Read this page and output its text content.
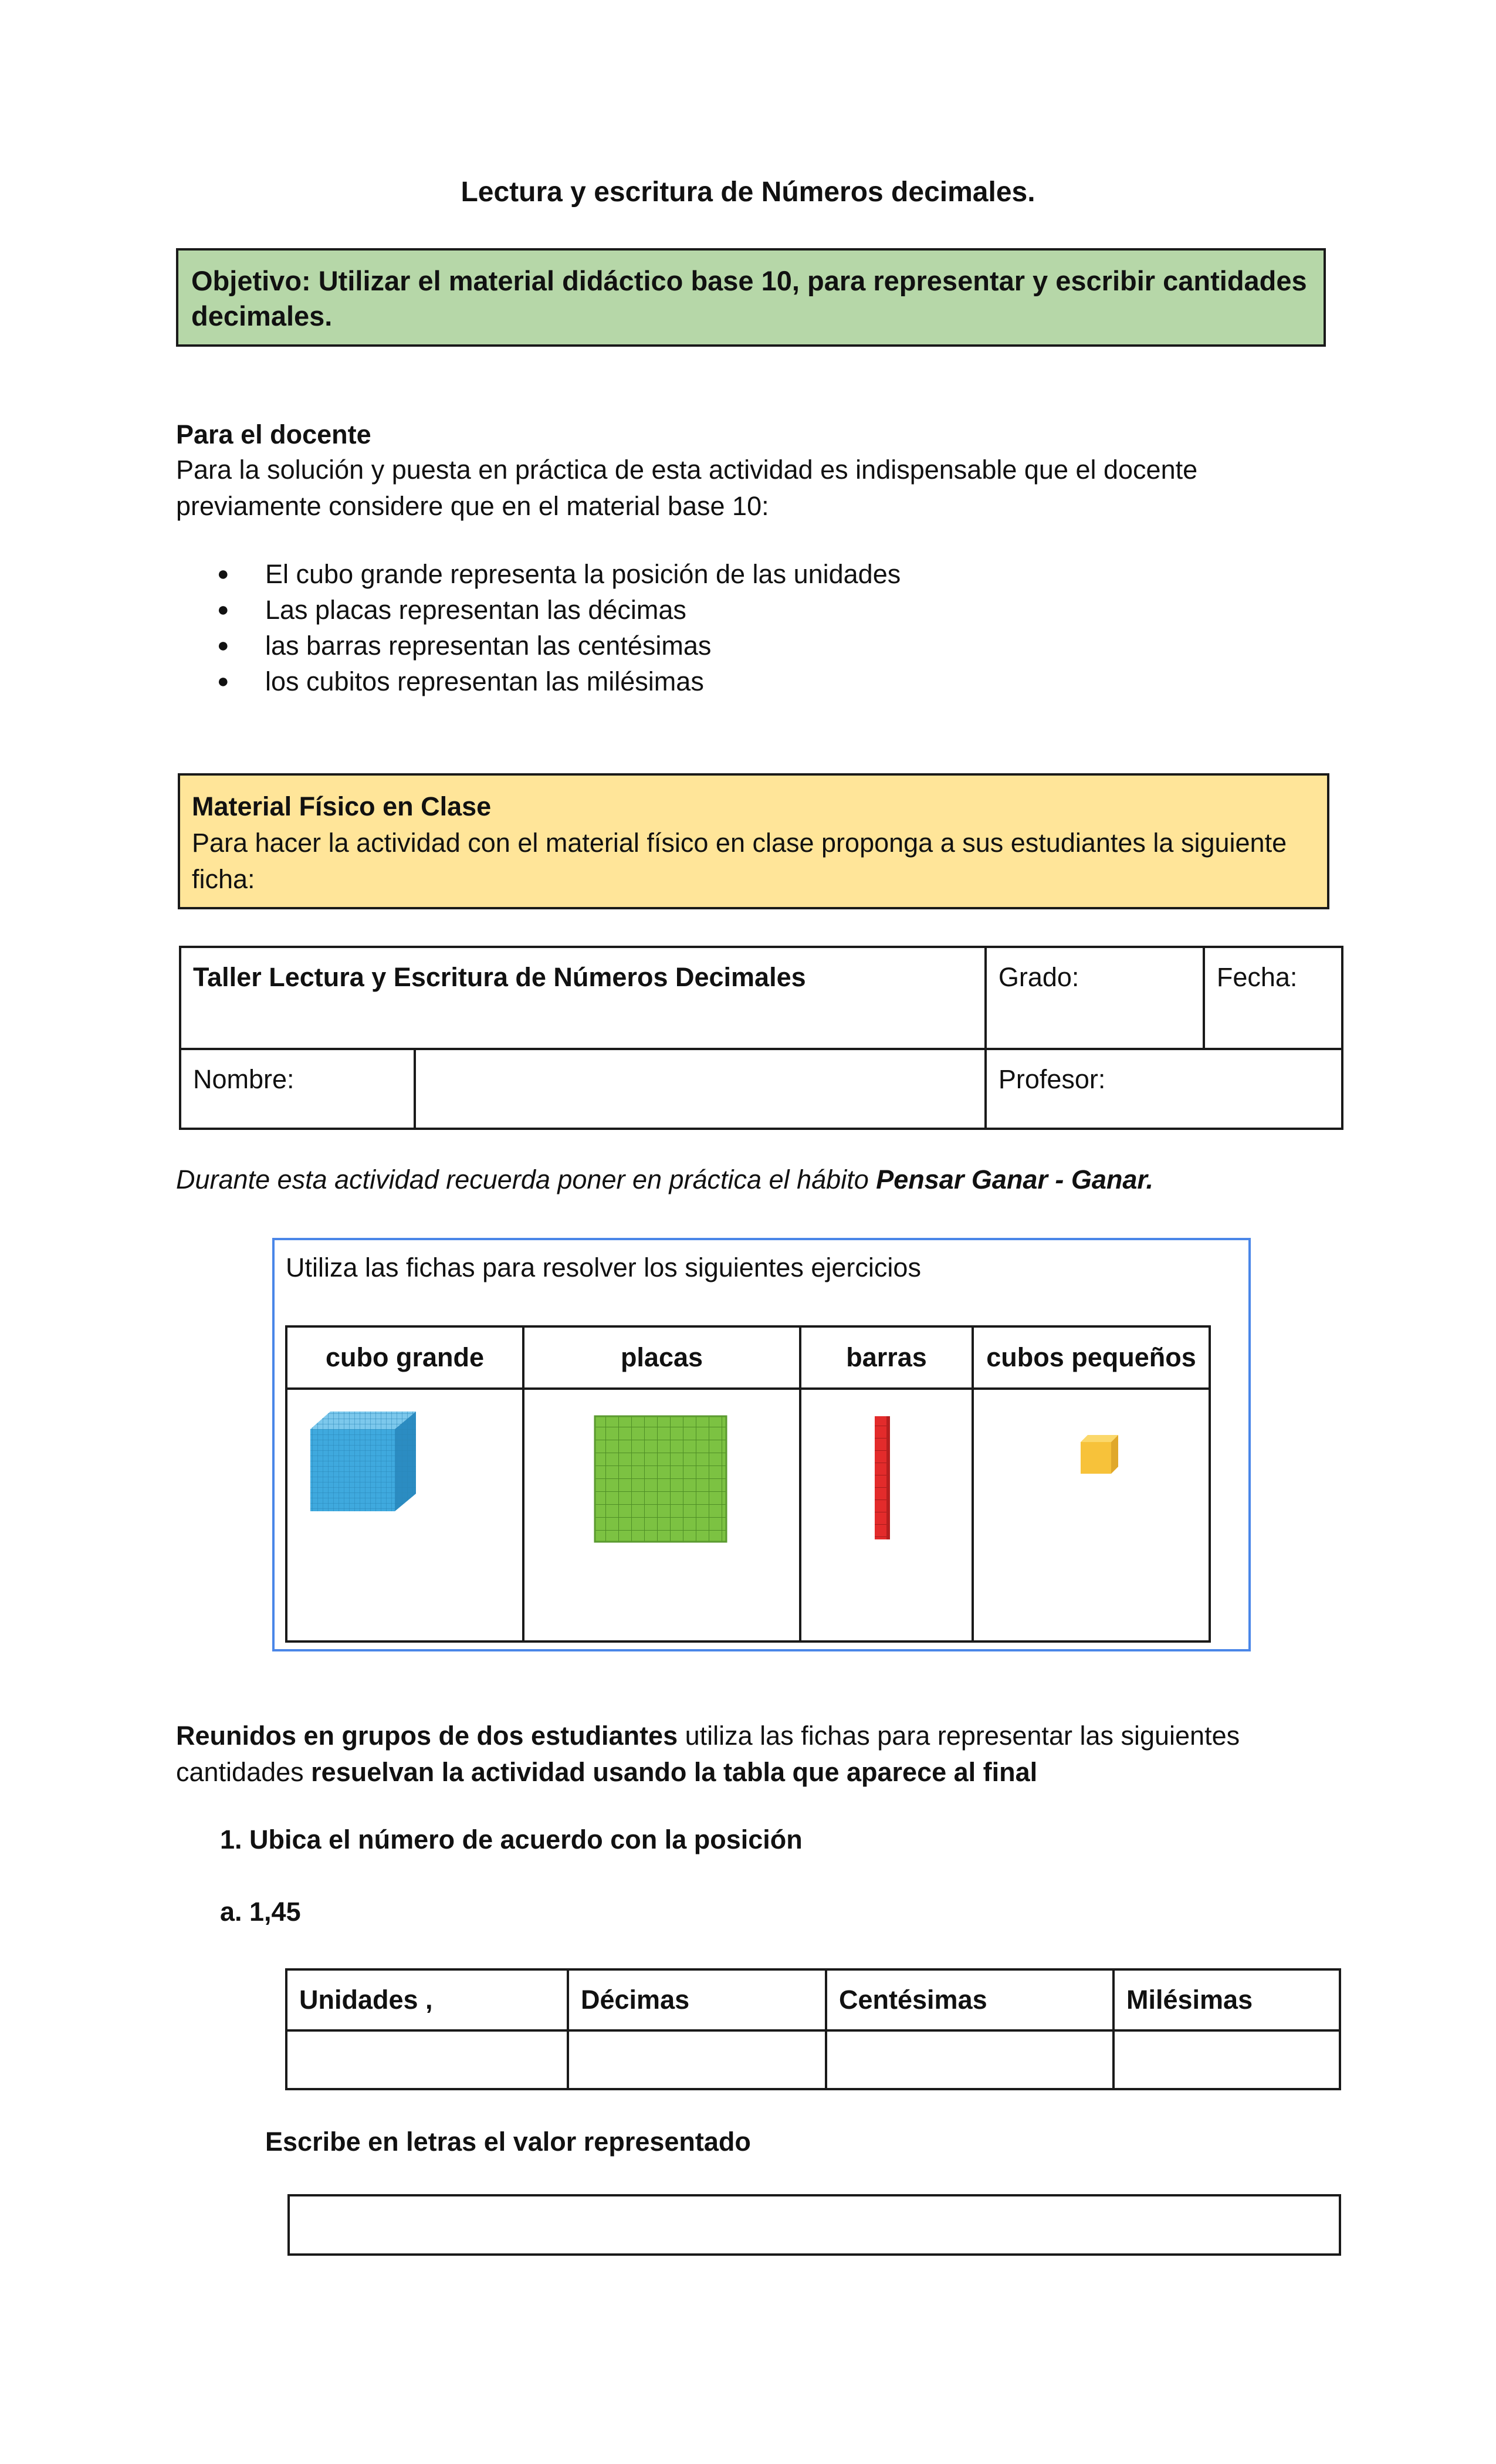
Lectura y escritura de Números decimales.
Objetivo: Utilizar el material didáctico base 10, para representar y escribir cantidades decimales.
Para el docente
Para la solución y puesta en práctica de esta actividad es indispensable que el docente previamente considere que en el material base 10:
● El cubo grande representa la posición de las unidades
● Las placas representan las décimas
● las barras representan las centésimas
● los cubitos representan las milésimas
Material Físico en Clase
Para hacer la actividad con el material físico en clase proponga a sus estudiantes la siguiente ficha:
Taller Lectura y Escritura de Números Decimales		Grado:	Fecha:
Nombre:		Profesor:	
Durante esta actividad recuerda poner en práctica el hábito Pensar Ganar - Ganar.
Utiliza las fichas para resolver los siguientes ejercicios
cubo grande	placas	barras	cubos pequeños

Reunidos en grupos de dos estudiantes utiliza las fichas para representar las siguientes cantidades resuelvan la actividad usando la tabla que aparece al final
1. Ubica el número de acuerdo con la posición
a. 1,45
Unidades ,	Décimas	Centésimas	Milésimas

Escribe en letras el valor representado
